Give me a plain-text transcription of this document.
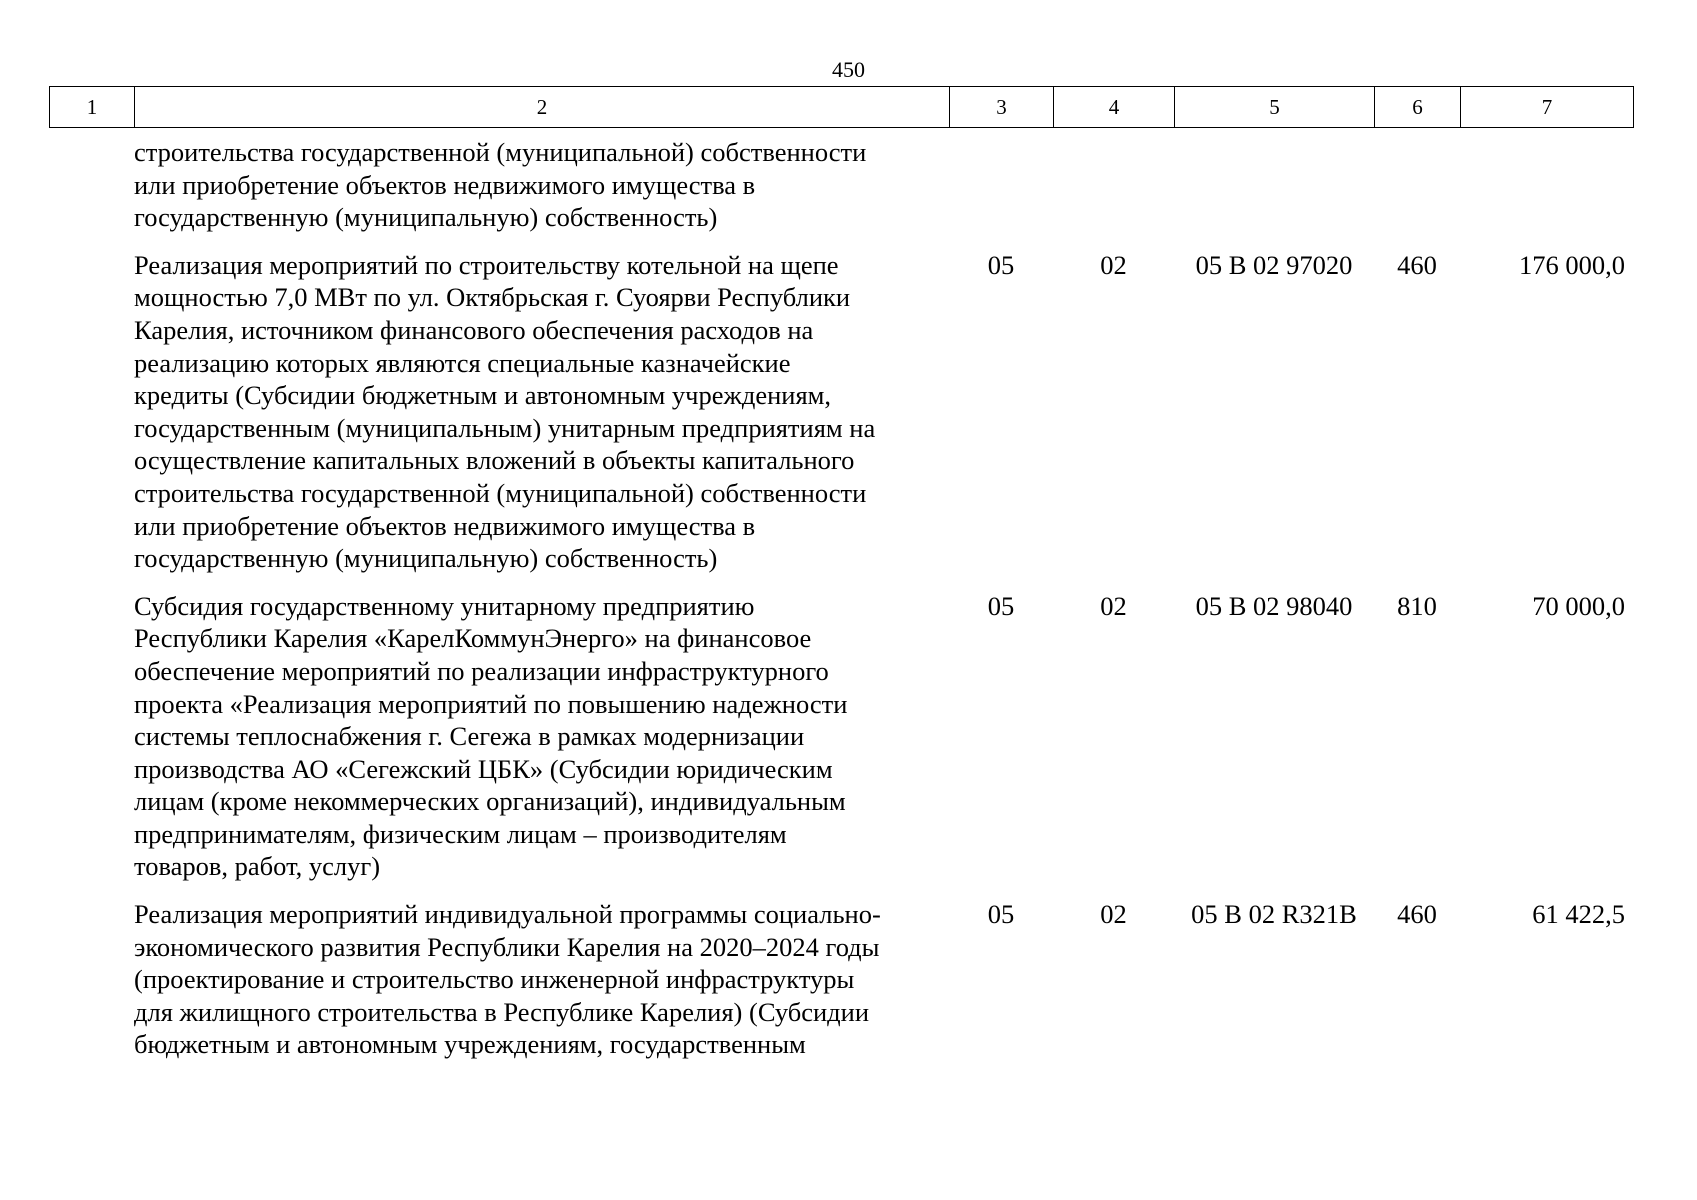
450
1	2	3	4	5	6	7
строительства государственной (муниципальной) собственности
или приобретение объектов недвижимого имущества в
государственную (муниципальную) собственность)
Реализация мероприятий по строительству котельной на щепе
мощностью 7,0 МВт по ул. Октябрьская г. Суоярви Республики
Карелия, источником финансового обеспечения расходов на
реализацию которых являются специальные казначейские
кредиты (Субсидии бюджетным и автономным учреждениям,
государственным (муниципальным) унитарным предприятиям на
осуществление капитальных вложений в объекты капитального
строительства государственной (муниципальной) собственности
или приобретение объектов недвижимого имущества в
государственную (муниципальную) собственность)
05	02	05 В 02 97020	460	176 000,0
Субсидия государственному унитарному предприятию
Республики Карелия «КарелКоммунЭнерго» на финансовое
обеспечение мероприятий по реализации инфраструктурного
проекта «Реализация мероприятий по повышению надежности
системы теплоснабжения г. Сегежа в рамках модернизации
производства АО «Сегежский ЦБК» (Субсидии юридическим
лицам (кроме некоммерческих организаций), индивидуальным
предпринимателям, физическим лицам – производителям
товаров, работ, услуг)
05	02	05 В 02 98040	810	70 000,0
Реализация мероприятий индивидуальной программы социально-
экономического развития Республики Карелия на 2020–2024 годы
(проектирование и строительство инженерной инфраструктуры
для жилищного строительства в Республике Карелия) (Субсидии
бюджетным и автономным учреждениям, государственным
05	02	05 В 02 R321В	460	61 422,5
